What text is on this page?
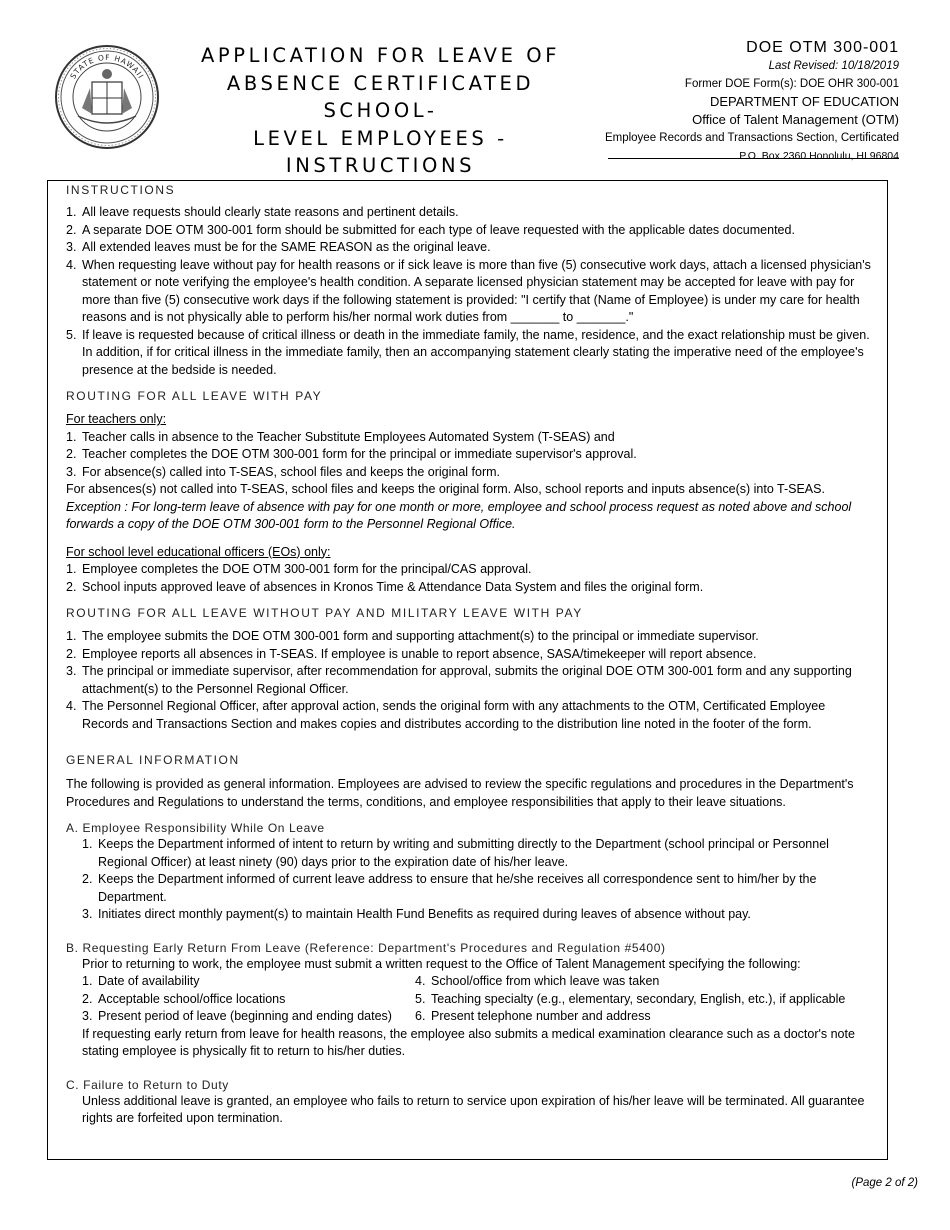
STATE OF HAWAII
APPLICATION FOR LEAVE OF
ABSENCE CERTIFICATED SCHOOL-
LEVEL EMPLOYEES -
INSTRUCTIONS
DOE OTM 300-001
Last Revised: 10/18/2019
Former DOE Form(s): DOE OHR 300-001
DEPARTMENT OF EDUCATION
Office of Talent Management (OTM)
Employee Records and Transactions Section, Certificated
P.O. Box 2360 Honolulu, HI 96804
INSTRUCTIONS
1. All leave requests should clearly state reasons and pertinent details.
2. A separate DOE OTM 300-001 form should be submitted for each type of leave requested with the applicable dates documented.
3. All extended leaves must be for the SAME REASON as the original leave.
4. When requesting leave without pay for health reasons or if sick leave is more than five (5) consecutive work days, attach a licensed physician's statement or note verifying the employee's health condition. A separate licensed physician statement may be accepted for leave with pay for more than five (5) consecutive work days if the following statement is provided: "I certify that (Name of Employee) is under my care for health reasons and is not physically able to perform his/her normal work duties from _______ to _______."
5. If leave is requested because of critical illness or death in the immediate family, the name, residence, and the exact relationship must be given. In addition, if for critical illness in the immediate family, then an accompanying statement clearly stating the imperative need of the employee's presence at the bedside is needed.
ROUTING FOR ALL LEAVE WITH PAY
For teachers only:
1. Teacher calls in absence to the Teacher Substitute Employees Automated System (T-SEAS) and
2. Teacher completes the DOE OTM 300-001 form for the principal or immediate supervisor's approval.
3. For absence(s) called into T-SEAS, school files and keeps the original form.
For absences(s) not called into T-SEAS, school files and keeps the original form. Also, school reports and inputs absence(s) into T-SEAS.
Exception : For long-term leave of absence with pay for one month or more, employee and school process request as noted above and school forwards a copy of the DOE OTM 300-001 form to the Personnel Regional Office.
For school level educational officers (EOs) only:
1. Employee completes the DOE OTM 300-001 form for the principal/CAS approval.
2. School inputs approved leave of absences in Kronos Time & Attendance Data System and files the original form.
ROUTING FOR ALL LEAVE WITHOUT PAY AND MILITARY LEAVE WITH PAY
1. The employee submits the DOE OTM 300-001 form and supporting attachment(s) to the principal or immediate supervisor.
2. Employee reports all absences in T-SEAS. If employee is unable to report absence, SASA/timekeeper will report absence.
3. The principal or immediate supervisor, after recommendation for approval, submits the original DOE OTM 300-001 form and any supporting attachment(s) to the Personnel Regional Officer.
4. The Personnel Regional Officer, after approval action, sends the original form with any attachments to the OTM, Certificated Employee Records and Transactions Section and makes copies and distributes according to the distribution line noted in the footer of the form.
GENERAL INFORMATION
The following is provided as general information. Employees are advised to review the specific regulations and procedures in the Department's Procedures and Regulations to understand the terms, conditions, and employee responsibilities that apply to their leave situations.
A. Employee Responsibility While On Leave
1. Keeps the Department informed of intent to return by writing and submitting directly to the Department (school principal or Personnel Regional Officer) at least ninety (90) days prior to the expiration date of his/her leave.
2. Keeps the Department informed of current leave address to ensure that he/she receives all correspondence sent to him/her by the Department.
3. Initiates direct monthly payment(s) to maintain Health Fund Benefits as required during leaves of absence without pay.
B. Requesting Early Return From Leave (Reference: Department's Procedures and Regulation #5400)
Prior to returning to work, the employee must submit a written request to the Office of Talent Management specifying the following:
1. Date of availability	4. School/office from which leave was taken
2. Acceptable school/office locations	5. Teaching specialty (e.g., elementary, secondary, English, etc.), if applicable
3. Present period of leave (beginning and ending dates)	6. Present telephone number and address
If requesting early return from leave for health reasons, the employee also submits a medical examination clearance such as a doctor's note stating employee is physically fit to return to his/her duties.
C. Failure to Return to Duty
Unless additional leave is granted, an employee who fails to return to service upon expiration of his/her leave will be terminated. All guarantee rights are forfeited upon termination.
(Page 2 of 2)
